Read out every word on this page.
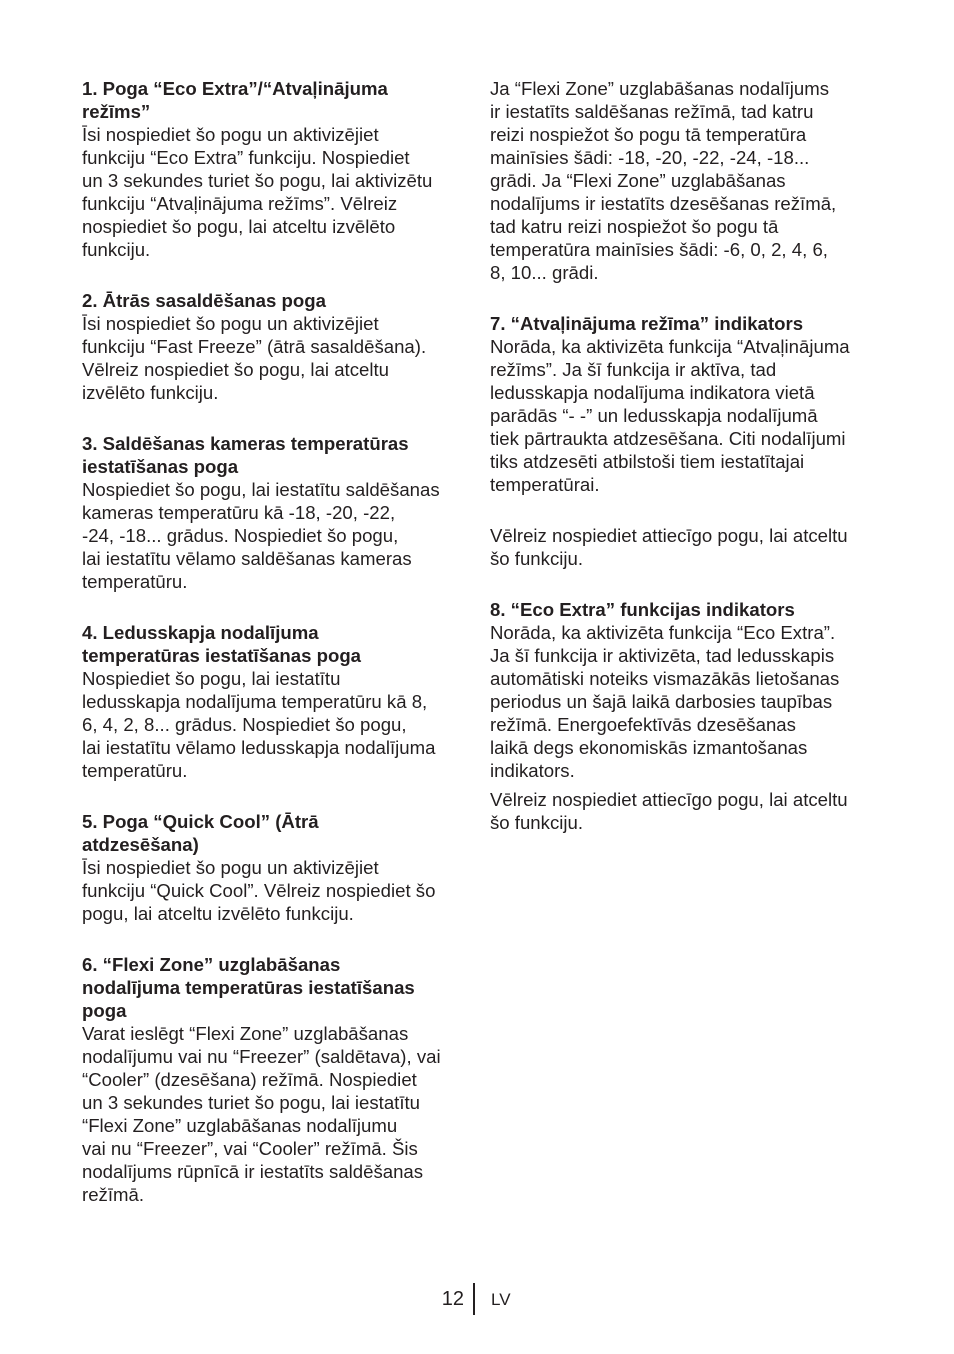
1. Poga “Eco Extra”/“Atvaļinājuma
režīms”
Īsi nospiediet šo pogu un aktivizējiet
funkciju “Eco Extra” funkciju. Nospiediet
un 3 sekundes turiet šo pogu, lai aktivizētu
funkciju “Atvaļinājuma režīms”. Vēlreiz
nospiediet šo pogu, lai atceltu izvēlēto
funkciju.
2. Ātrās sasaldēšanas poga
Īsi nospiediet šo pogu un aktivizējiet
funkciju “Fast Freeze” (ātrā sasaldēšana).
Vēlreiz nospiediet šo pogu, lai atceltu
izvēlēto funkciju.
3. Saldēšanas kameras temperatūras
iestatīšanas poga
Nospiediet šo pogu, lai iestatītu saldēšanas
kameras temperatūru kā -18, -20, -22,
-24, -18... grādus. Nospiediet šo pogu,
lai iestatītu vēlamo saldēšanas kameras
temperatūru.
4. Ledusskapja nodalījuma
temperatūras iestatīšanas poga
Nospiediet šo pogu, lai iestatītu
ledusskapja nodalījuma temperatūru kā 8,
6, 4, 2, 8... grādus. Nospiediet šo pogu,
lai iestatītu vēlamo ledusskapja nodalījuma
temperatūru.
5. Poga “Quick Cool” (Ātrā
atdzesēšana)
Īsi nospiediet šo pogu un aktivizējiet
funkciju “Quick Cool”. Vēlreiz nospiediet šo
pogu, lai atceltu izvēlēto funkciju.
6. “Flexi Zone” uzglabāšanas
nodalījuma temperatūras iestatīšanas
poga
Varat ieslēgt “Flexi Zone” uzglabāšanas
nodalījumu vai nu “Freezer” (saldētava), vai
“Cooler” (dzesēšana) režīmā. Nospiediet
un 3 sekundes turiet šo pogu, lai iestatītu
“Flexi Zone” uzglabāšanas nodalījumu
vai nu “Freezer”, vai “Cooler” režīmā. Šis
nodalījums rūpnīcā ir iestatīts saldēšanas
režīmā.
Ja “Flexi Zone” uzglabāšanas nodalījums
ir iestatīts saldēšanas režīmā, tad katru
reizi nospiežot šo pogu tā temperatūra
mainīsies šādi: -18, -20, -22, -24, -18...
grādi. Ja “Flexi Zone” uzglabāšanas
nodalījums ir iestatīts dzesēšanas režīmā,
tad katru reizi nospiežot šo pogu tā
temperatūra mainīsies šādi: -6, 0, 2, 4, 6,
8, 10... grādi.
7. “Atvaļinājuma režīma” indikators
Norāda, ka aktivizēta funkcija “Atvaļinājuma
režīms”. Ja šī funkcija ir aktīva, tad
ledusskapja nodalījuma indikatora vietā
parādās “- -” un ledusskapja nodalījumā
tiek pārtraukta atdzesēšana. Citi nodalījumi
tiks atdzesēti atbilstoši tiem iestatītajai
temperatūrai.
Vēlreiz nospiediet attiecīgo pogu, lai atceltu
šo funkciju.
8. “Eco Extra” funkcijas indikators
Norāda, ka aktivizēta funkcija “Eco Extra”.
Ja šī funkcija ir aktivizēta, tad ledusskapis
automātiski noteiks vismazākās lietošanas
periodus un šajā laikā darbosies taupības
režīmā. Energoefektīvās dzesēšanas
laikā degs ekonomiskās izmantošanas
indikators.
Vēlreiz nospiediet attiecīgo pogu, lai atceltu
šo funkciju.
12 LV
